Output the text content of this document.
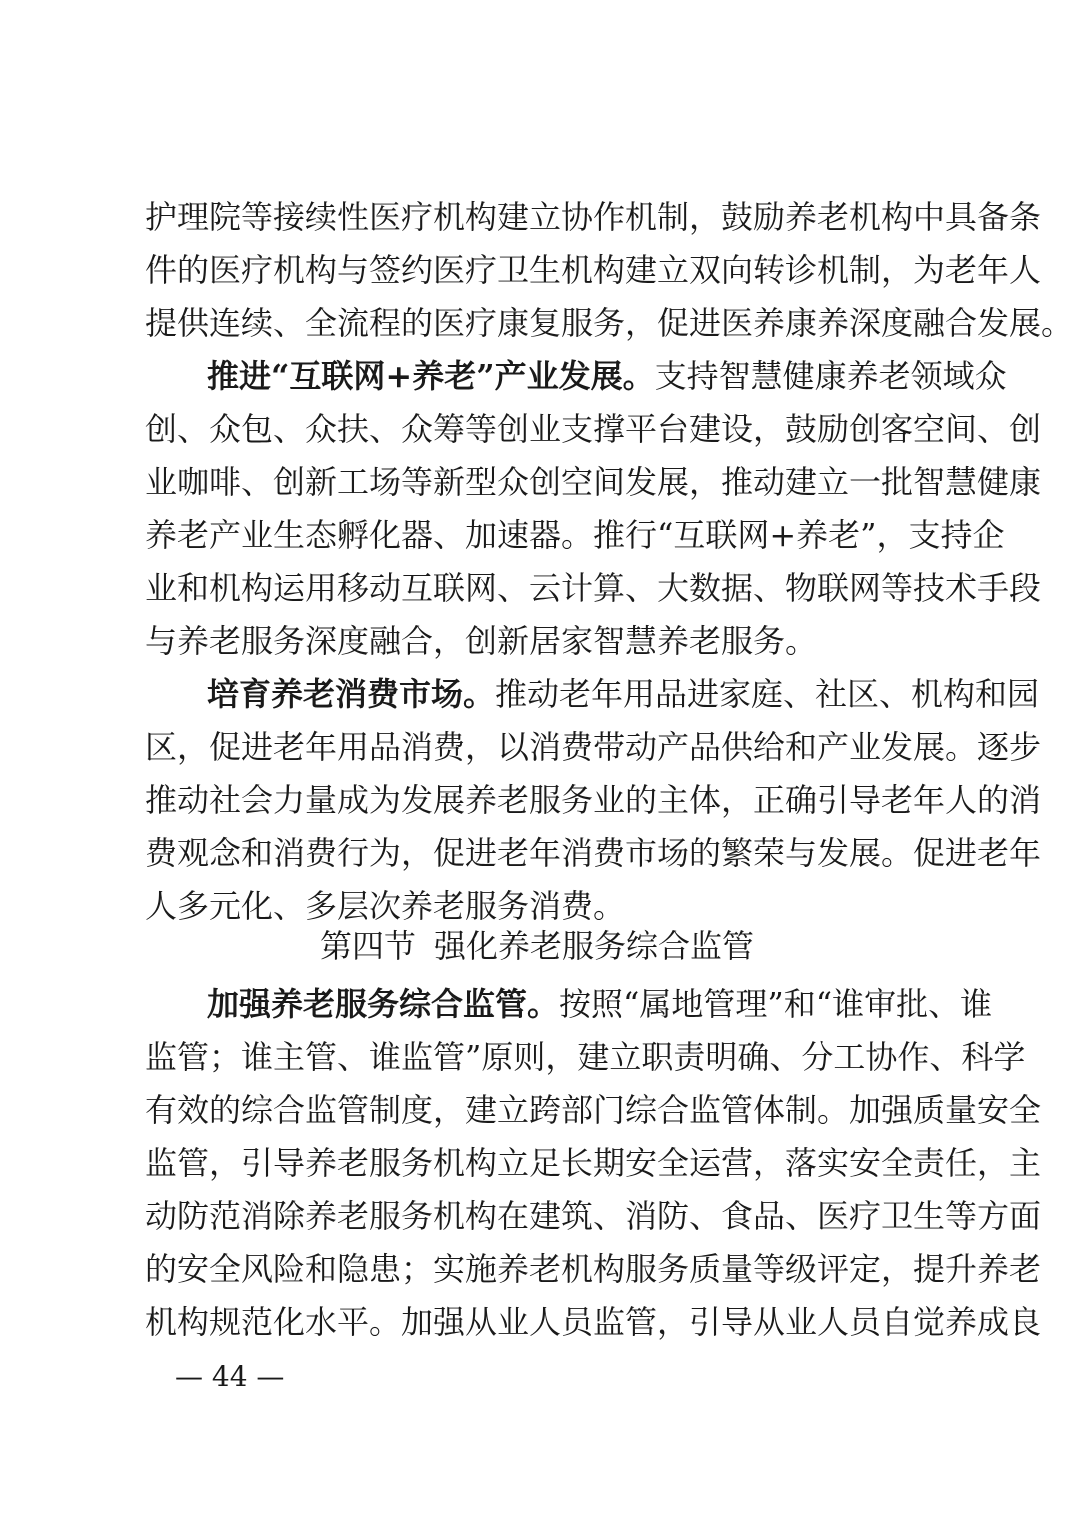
护理院等接续性医疗机构建立协作机制，鼓励养老机构中具备条
件的医疗机构与签约医疗卫生机构建立双向转诊机制，为老年人
提供连续、全流程的医疗康复服务，促进医养康养深度融合发展。
推进“互联网+养老”产业发展。支持智慧健康养老领域众
创、众包、众扶、众筹等创业支撑平台建设，鼓励创客空间、创
业咖啡、创新工场等新型众创空间发展，推动建立一批智慧健康
养老产业生态孵化器、加速器。推行“互联网+养老”，支持企
业和机构运用移动互联网、云计算、大数据、物联网等技术手段
与养老服务深度融合，创新居家智慧养老服务。
培育养老消费市场。推动老年用品进家庭、社区、机构和园
区，促进老年用品消费，以消费带动产品供给和产业发展。逐步
推动社会力量成为发展养老服务业的主体，正确引导老年人的消
费观念和消费行为，促进老年消费市场的繁荣与发展。促进老年
人多元化、多层次养老服务消费。
第四节 强化养老服务综合监管
加强养老服务综合监管。按照“属地管理”和“谁审批、谁
监管；谁主管、谁监管”原则，建立职责明确、分工协作、科学
有效的综合监管制度，建立跨部门综合监管体制。加强质量安全
监管，引导养老服务机构立足长期安全运营，落实安全责任，主
动防范消除养老服务机构在建筑、消防、食品、医疗卫生等方面
的安全风险和隐患；实施养老机构服务质量等级评定，提升养老
机构规范化水平。加强从业人员监管，引导从业人员自觉养成良
— 44 —
